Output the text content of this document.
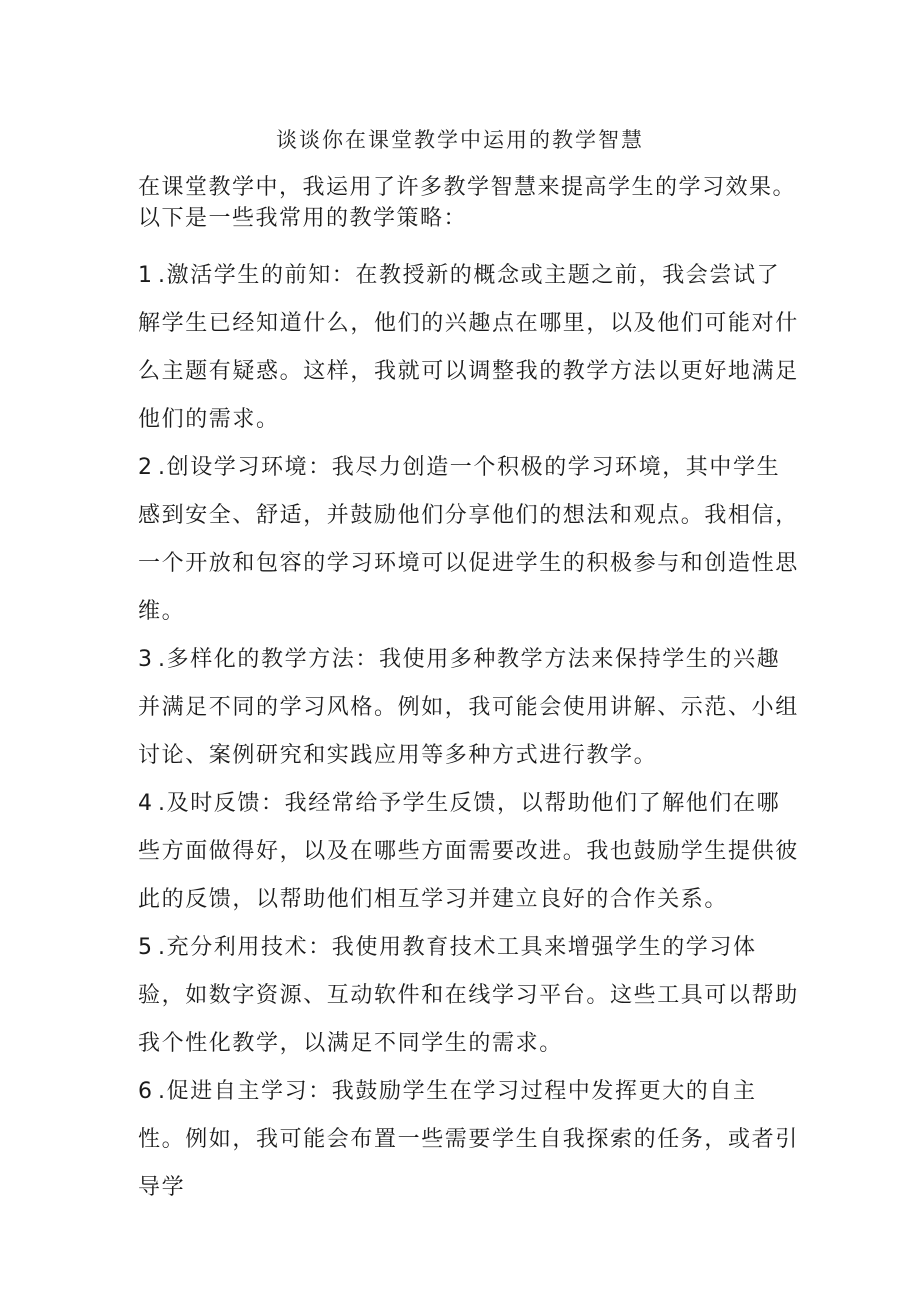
谈谈你在课堂教学中运用的教学智慧
在课堂教学中，我运用了许多教学智慧来提高学生的学习效果。以下是一些我常用的教学策略：

1.激活学生的前知：在教授新的概念或主题之前，我会尝试了解学生已经知道什么，他们的兴趣点在哪里，以及他们可能对什么主题有疑惑。这样，我就可以调整我的教学方法以更好地满足他们的需求。

2.创设学习环境：我尽力创造一个积极的学习环境，其中学生感到安全、舒适，并鼓励他们分享他们的想法和观点。我相信，一个开放和包容的学习环境可以促进学生的积极参与和创造性思维。

3.多样化的教学方法：我使用多种教学方法来保持学生的兴趣并满足不同的学习风格。例如，我可能会使用讲解、示范、小组讨论、案例研究和实践应用等多种方式进行教学。

4.及时反馈：我经常给予学生反馈，以帮助他们了解他们在哪些方面做得好，以及在哪些方面需要改进。我也鼓励学生提供彼此的反馈，以帮助他们相互学习并建立良好的合作关系。

5.充分利用技术：我使用教育技术工具来增强学生的学习体验，如数字资源、互动软件和在线学习平台。这些工具可以帮助我个性化教学，以满足不同学生的需求。

6.促进自主学习：我鼓励学生在学习过程中发挥更大的自主性。例如，我可能会布置一些需要学生自我探索的任务，或者引导学
